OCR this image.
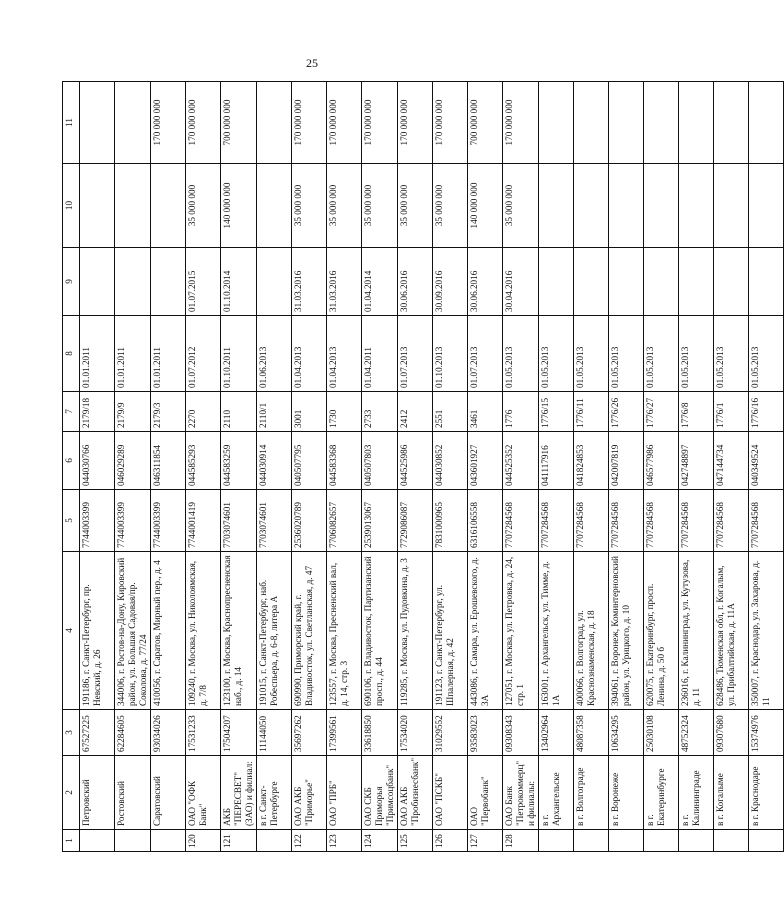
25
1	2	3	4	5	6	7	8	9	10	11
	Петровский	67527225	191186, г. Санкт-Петербург, пр. Невский, д. 26	7744003399	044030766	2179/18	01.01.2011			
	Ростовский	62284605	344006, г. Ростов-на-Дону, Кировский район, ул. Большая Садовая/пр. Соколова, д. 77/24	7744003399	046029289	2179/9	01.01.2011			
	Саратовский	93034026	410056, г. Саратов, Мирный пер., д. 4	7744003399	046311854	2179/3	01.01.2011			170 000 000
120	ОАО "ОФК Банк"	17531233	109240, г. Москва, ул. Николоямская, д. 7/8	7744001419	044585293	2270	01.07.2012	01.07.2015	35 000 000	170 000 000
121	АКБ "ПЕРЕСВЕТ" (ЗАО) и филиал:	17504207	123100, г. Москва, Краснопресненская наб., д. 14	7703074601	044583259	2110	01.10.2011	01.10.2014	140 000 000	700 000 000
	в г. Санкт-Петербурге	11144050	191015, г. Санкт-Петербург, наб. Робеспьера, д. 6-8, литера А	7703074601	044030914	2110/1	01.06.2013			
122	ОАО АКБ "Приморье"	35697262	690990, Приморский край, г. Владивосток, ул. Светланская, д. 47	2536020789	040507795	3001	01.04.2013	31.03.2016	35 000 000	170 000 000
123	ОАО "ПРБ"	17399561	123557, г. Москва, Пресненский вал, д. 14, стр. 3	7706082657	044583368	1730	01.04.2013	31.03.2016	35 000 000	170 000 000
124	ОАО СКБ Приморья "Примсоцбанк"	33618850	690106, г. Владивосток, Партизанский просп., д. 44	2539013067	040507803	2733	01.04.2011	01.04.2014	35 000 000	170 000 000
125	ОАО АКБ "Пробизнесбанк"	17534020	119285, г. Москва, ул. Пудовкина, д. 3	7729086087	044525986	2412	01.07.2013	30.06.2016	35 000 000	170 000 000
126	ОАО "ПСКБ"	31029552	191123, г. Санкт-Петербург, ул. Шпалерная, д. 42	7831000965	044030852	2551	01.10.2013	30.09.2016	35 000 000	170 000 000
127	ОАО "Первобанк"	93583023	443086, г. Самара, ул. Ерошевского, д. 3А	6316106558	043601927	3461	01.07.2013	30.06.2016	140 000 000	700 000 000
128	ОАО Банк "Петрокоммерц" и филиалы:	09308343	127051, г. Москва, ул. Петровка, д. 24, стр. 1	7707284568	044525352	1776	01.05.2013	30.04.2016	35 000 000	170 000 000
	в г. Архангельске	13402964	163001, г. Архангельск, ул. Тимме, д. 1А	7707284568	041117916	1776/15	01.05.2013			
	в г. Волгограде	48087358	400066, г. Волгоград, ул. Краснознаменская, д. 18	7707284568	041824853	1776/11	01.05.2013			
	в г. Воронеже	10634295	394061, г. Воронеж, Коминтерновский район, ул. Урицкого, д. 10	7707284568	042007819	1776/26	01.05.2013			
	в г. Екатеринбурге	25030108	620075, г. Екатеринбург, просп. Ленина, д. 50 б	7707284568	046577986	1776/27	01.05.2013			
	в г. Калининграде	48752324	236016, г. Калининград, ул. Кутузова, д. 11	7707284568	042748897	1776/8	01.05.2013			
	в г. Когалыме	09307680	628486, Тюменская обл, г. Когалым, ул. Прибалтийская, д. 11А	7707284568	047144734	1776/1	01.05.2013			
	в г. Краснодаре	15374976	350007, г. Краснодар, ул. Захарова, д. 11	7707284568	040349524	1776/16	01.05.2013			
